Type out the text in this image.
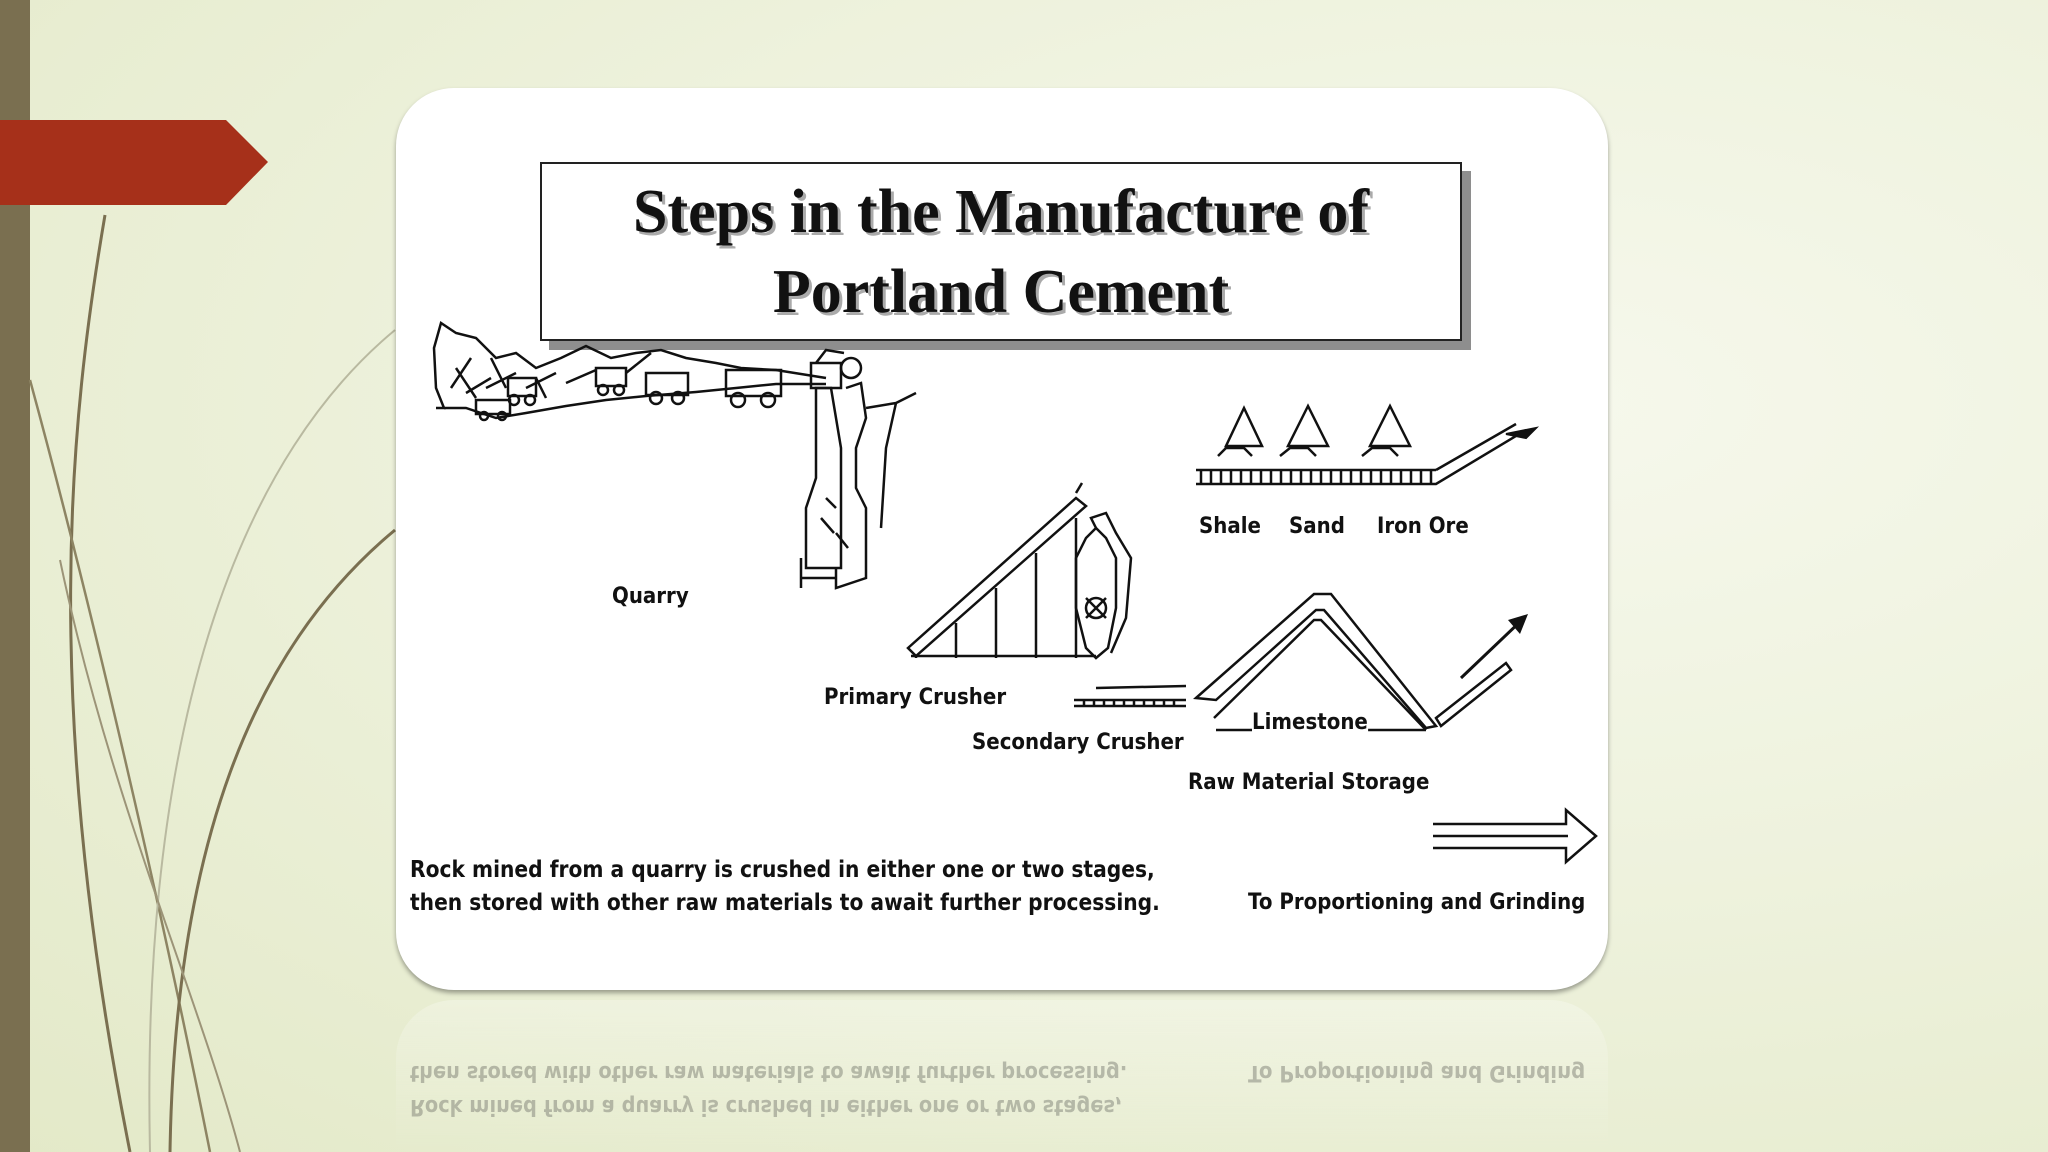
Steps in the Manufacture of
Portland Cement
Quarry
Primary Crusher
Secondary Crusher
Shale Sand Iron Ore
Limestone
Raw Material Storage
To Proportioning and Grinding
Rock mined from a quarry is crushed in either one or two stages,
then stored with other raw materials to await further processing.
then stored with other raw materials to await further processing.
Rock mined from a quarry is crushed in either one or two stages,
To Proportioning and Grinding
